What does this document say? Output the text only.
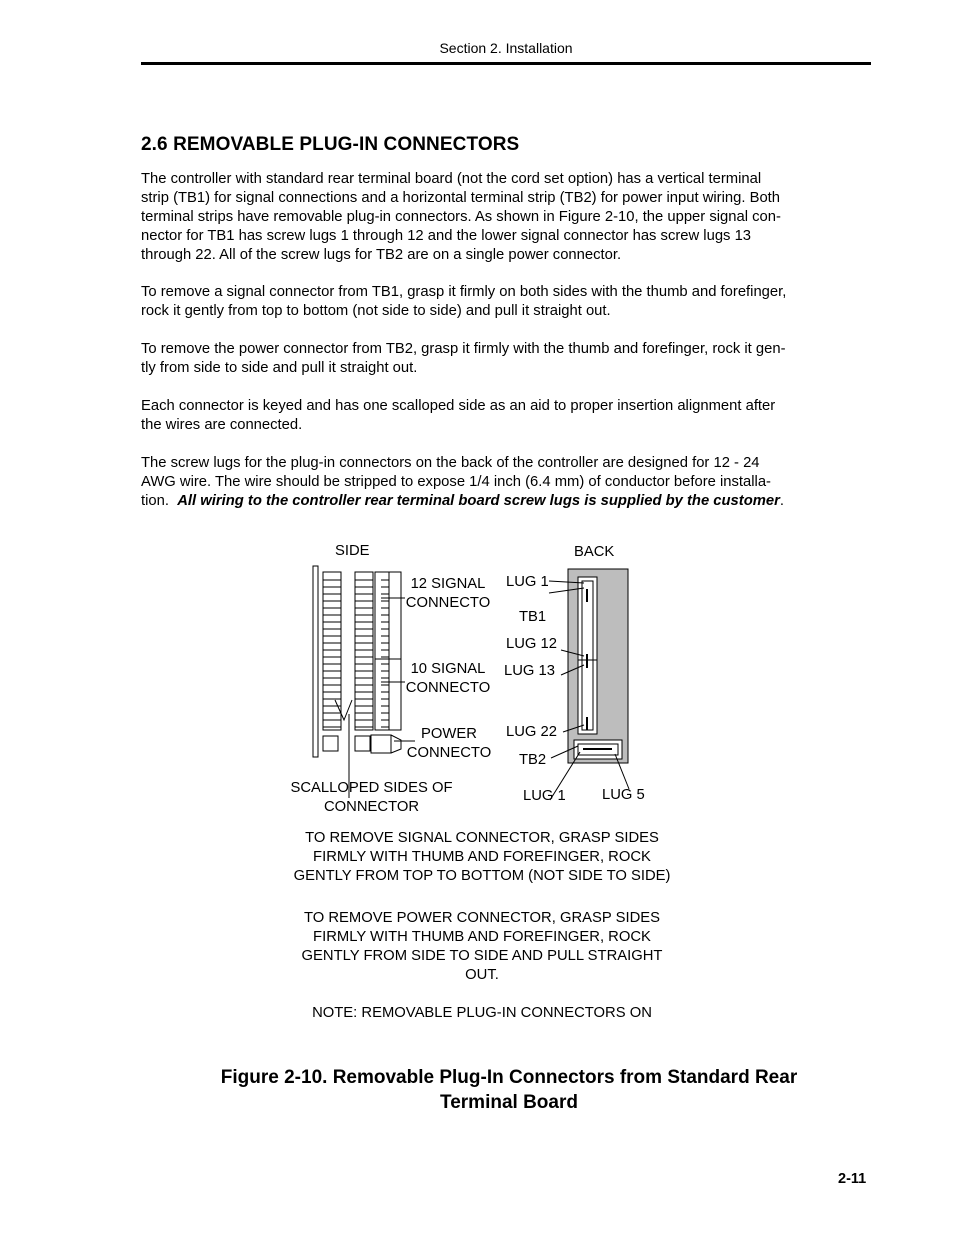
Section 2. Installation
2.6 REMOVABLE PLUG-IN CONNECTORS
The controller with standard rear terminal board (not the cord set option) has a vertical terminal
strip (TB1) for signal connections and a horizontal terminal strip (TB2) for power input wiring. Both
terminal strips have removable plug-in connectors. As shown in Figure 2-10, the upper signal con-
nector for TB1 has screw lugs 1 through 12 and the lower signal connector has screw lugs 13
through 22. All of the screw lugs for TB2 are on a single power connector.
To remove a signal connector from TB1, grasp it firmly on both sides with the thumb and forefinger,
rock it gently from top to bottom (not side to side) and pull it straight out.
To remove the power connector from TB2, grasp it firmly with the thumb and forefinger, rock it gen-
tly from side to side and pull it straight out.
Each connector is keyed and has one scalloped side as an aid to proper insertion alignment after
the wires are connected.
The screw lugs for the plug-in connectors on the back of the controller are designed for 12 - 24
AWG wire. The wire should be stripped to expose 1/4 inch (6.4 mm) of conductor before installa-
tion.  All wiring to the controller rear terminal board screw lugs is supplied by the customer.
SIDE	BACK
12 SIGNAL
CONNECTO
10 SIGNAL
CONNECTO
POWER
CONNECTO
SCALLOPED SIDES OF
CONNECTOR
LUG 1
TB1
LUG 12
LUG 13
LUG 22
TB2
LUG 1 LUG 5
TO REMOVE SIGNAL CONNECTOR, GRASP SIDES
FIRMLY WITH THUMB AND FOREFINGER, ROCK
GENTLY FROM TOP TO BOTTOM (NOT SIDE TO SIDE)
TO REMOVE POWER CONNECTOR, GRASP SIDES
FIRMLY WITH THUMB AND FOREFINGER, ROCK
GENTLY FROM SIDE TO SIDE AND PULL STRAIGHT
OUT.
NOTE: REMOVABLE PLUG-IN CONNECTORS ON
Figure 2-10. Removable Plug-In Connectors from Standard Rear
Terminal Board
2-11
